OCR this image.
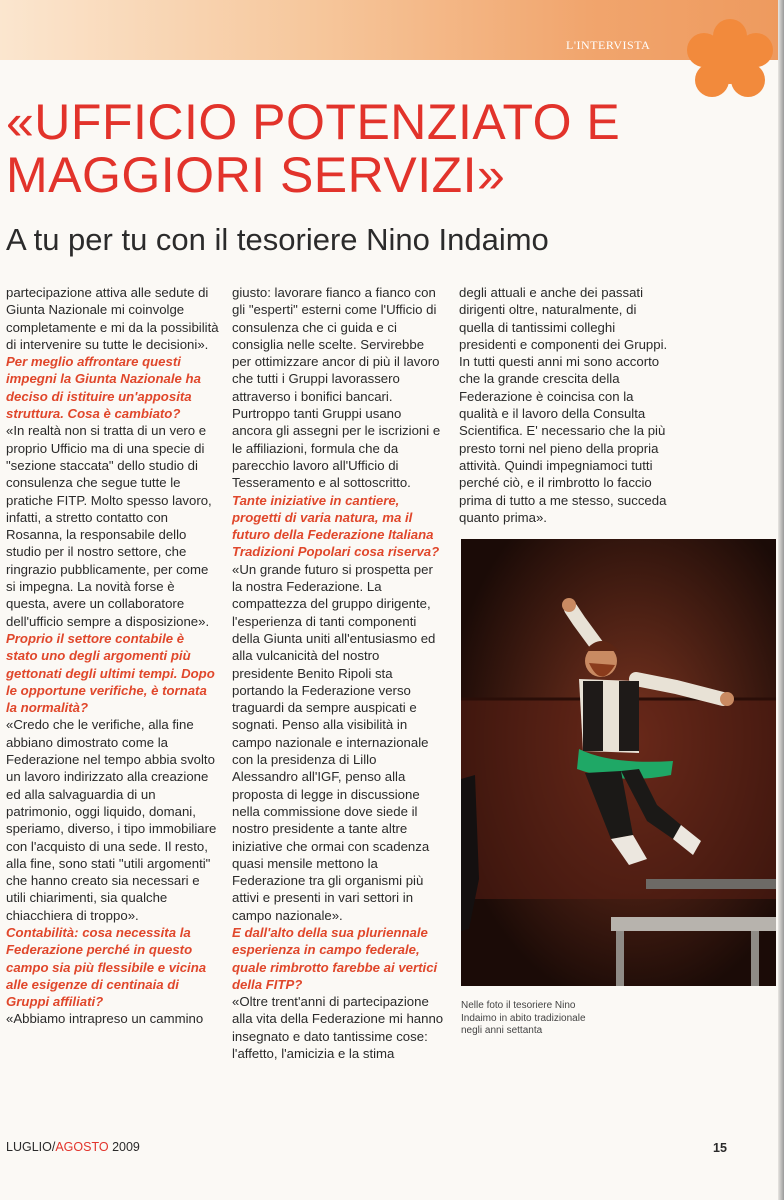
L'INTERVISTA
«UFFICIO POTENZIATO E MAGGIORI SERVIZI»
A tu per tu con il tesoriere Nino Indaimo

partecipazione attiva alle sedute di Giunta Nazionale mi coinvolge completamente e mi da la possibilità di intervenire su tutte le decisioni».

Per meglio affrontare questi impegni la Giunta Nazionale ha deciso di istituire un'apposita struttura. Cosa è cambiato?

«In realtà non si tratta di un vero e proprio Ufficio ma di una specie di "sezione staccata" dello studio di consulenza che segue tutte le pratiche FITP. Molto spesso lavoro, infatti, a stretto contatto con Rosanna, la responsabile dello studio per il nostro settore, che ringrazio pubblicamente, per come si impegna. La novità forse è questa, avere un collaboratore dell'ufficio sempre a disposizione».

Proprio il settore contabile è stato uno degli argomenti più gettonati degli ultimi tempi. Dopo le opportune verifiche, è tornata la normalità?

«Credo che le verifiche, alla fine abbiano dimostrato come la Federazione nel tempo abbia svolto un lavoro indirizzato alla creazione ed alla salvaguardia di un patrimonio, oggi liquido, domani, speriamo, diverso, i tipo immobiliare con l'acquisto di una sede. Il resto, alla fine, sono stati "utili argomenti" che hanno creato sia necessari e utili chiarimenti, sia qualche chiacchiera di troppo».

Contabilità: cosa necessita la Federazione perché in questo campo sia più flessibile e vicina alle esigenze di centinaia di Gruppi affiliati?

«Abbiamo intrapreso un cammino

giusto: lavorare fianco a fianco con gli "esperti" esterni come l'Ufficio di consulenza che ci guida e ci consiglia nelle scelte. Servirebbe per ottimizzare ancor di più il lavoro che tutti i Gruppi lavorassero attraverso i bonifici bancari. Purtroppo tanti Gruppi usano ancora gli assegni per le iscrizioni e le affiliazioni, formula che da parecchio lavoro all'Ufficio di Tesseramento e al sottoscritto.

Tante iniziative in cantiere, progetti di varia natura, ma il futuro della Federazione Italiana Tradizioni Popolari cosa riserva?

«Un grande futuro si prospetta per la nostra Federazione. La compattezza del gruppo dirigente, l'esperienza di tanti componenti della Giunta uniti all'entusiasmo ed alla vulcanicità del nostro presidente Benito Ripoli sta portando la Federazione verso traguardi da sempre auspicati e sognati. Penso alla visibilità in campo nazionale e internazionale con la presidenza di Lillo Alessandro all'IGF, penso alla proposta di legge in discussione nella commissione dove siede il nostro presidente a tante altre iniziative che ormai con scadenza quasi mensile mettono la Federazione tra gli organismi più attivi e presenti in vari settori in campo nazionale».

E dall'alto della sua pluriennale esperienza in campo federale, quale rimbrotto farebbe ai vertici della FITP?

«Oltre trent'anni di partecipazione alla vita della Federazione mi hanno insegnato e dato tantissime cose: l'affetto, l'amicizia e la stima

degli attuali e anche dei passati dirigenti oltre, naturalmente, di quella di tantissimi colleghi presidenti e componenti dei Gruppi. In tutti questi anni mi sono accorto che la grande crescita della Federazione è coincisa con la qualità e il lavoro della Consulta Scientifica. E' necessario che la più presto torni nel pieno della propria attività. Quindi impegniamoci tutti perché ciò, e il rimbrotto lo faccio prima di tutto a me stesso, succeda quanto prima».

Nelle foto il tesoriere Nino Indaimo in abito tradizionale negli anni settanta
LUGLIO/AGOSTO 2009	15
